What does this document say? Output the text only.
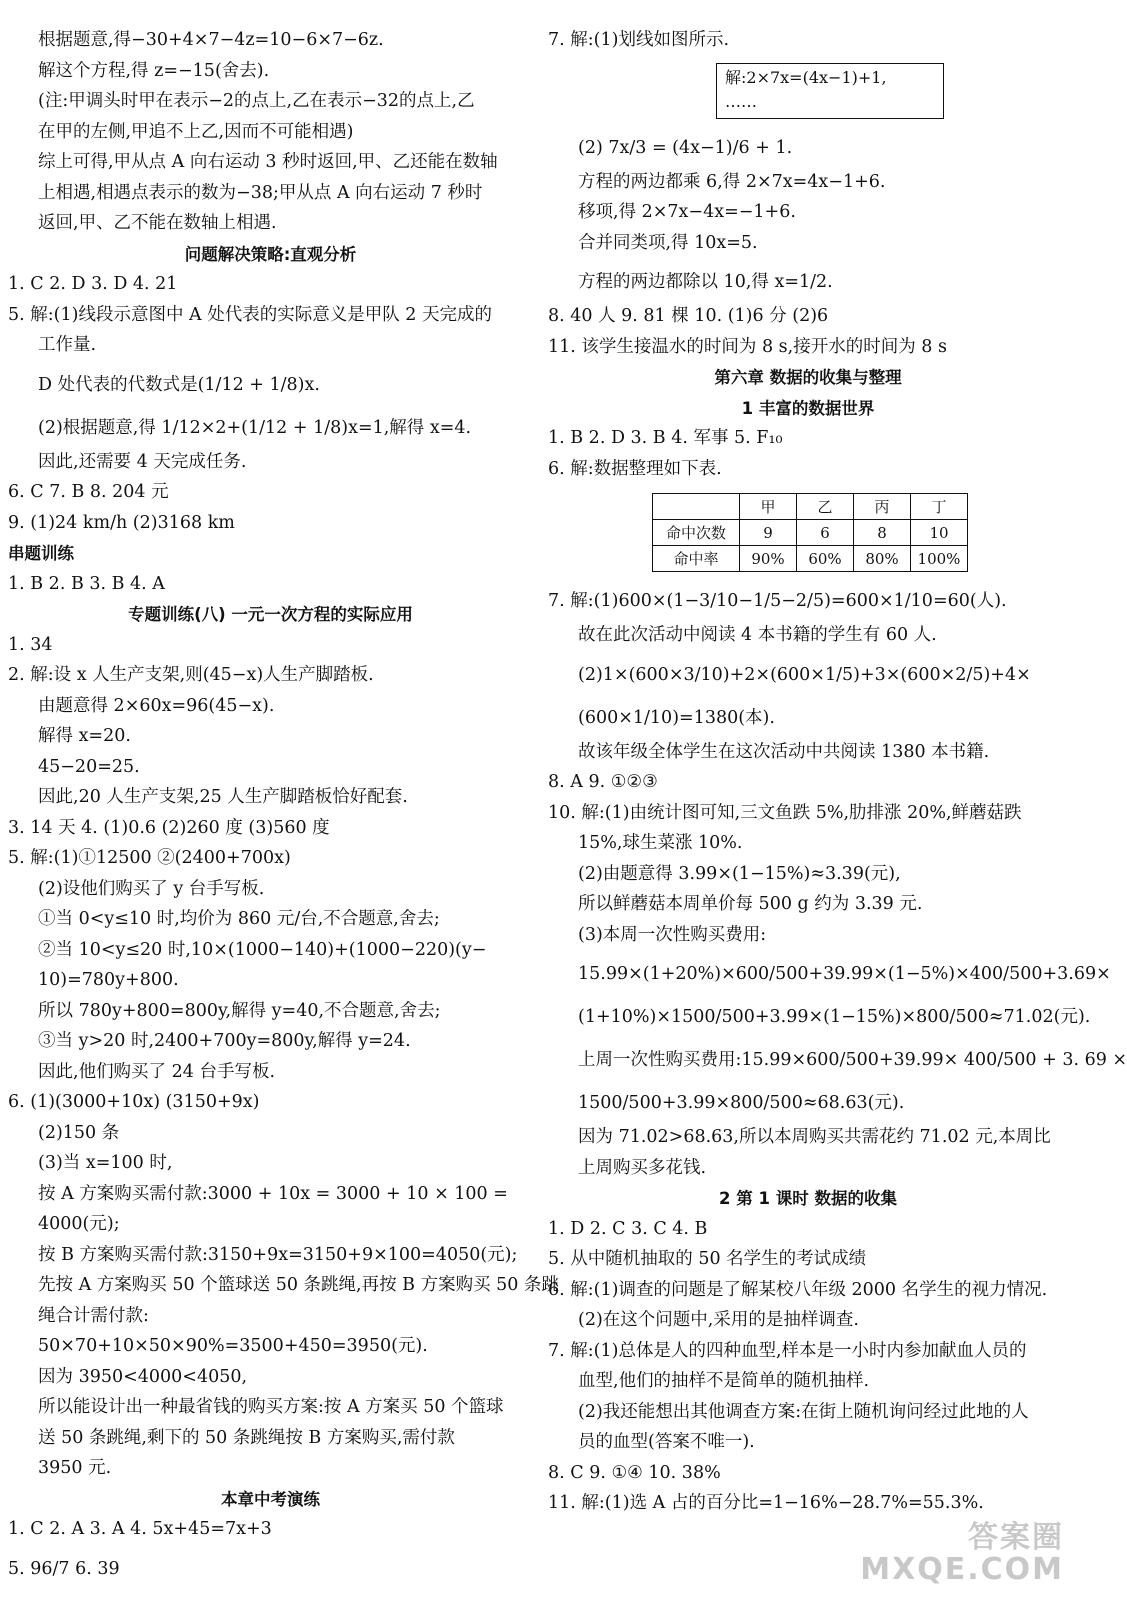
根据题意,得−30+4×7−4z=10−6×7−6z.
解这个方程,得 z=−15(舍去).
(注:甲调头时甲在表示−2的点上,乙在表示−32的点上,乙
在甲的左侧,甲追不上乙,因而不可能相遇)
综上可得,甲从点 A 向右运动 3 秒时返回,甲、乙还能在数轴
上相遇,相遇点表示的数为−38;甲从点 A 向右运动 7 秒时
返回,甲、乙不能在数轴上相遇.
问题解决策略:直观分析
1. C 2. D 3. D 4. 21
5. 解:(1)线段示意图中 A 处代表的实际意义是甲队 2 天完成的
工作量.
D 处代表的代数式是(1/12 + 1/8)x.
(2)根据题意,得 1/12×2+(1/12 + 1/8)x=1,解得 x=4.
因此,还需要 4 天完成任务.
6. C 7. B 8. 204 元
9. (1)24 km/h (2)3168 km
串题训练
1. B 2. B 3. B 4. A
专题训练(八) 一元一次方程的实际应用
1. 34
2. 解:设 x 人生产支架,则(45−x)人生产脚踏板.
由题意得 2×60x=96(45−x).
解得 x=20.
45−20=25.
因此,20 人生产支架,25 人生产脚踏板恰好配套.
3. 14 天 4. (1)0.6 (2)260 度 (3)560 度
5. 解:(1)①12500 ②(2400+700x)
(2)设他们购买了 y 台手写板.
①当 0<y≤10 时,均价为 860 元/台,不合题意,舍去;
②当 10<y≤20 时,10×(1000−140)+(1000−220)(y−
10)=780y+800.
所以 780y+800=800y,解得 y=40,不合题意,舍去;
③当 y>20 时,2400+700y=800y,解得 y=24.
因此,他们购买了 24 台手写板.
6. (1)(3000+10x) (3150+9x)
(2)150 条
(3)当 x=100 时,
按 A 方案购买需付款:3000 + 10x = 3000 + 10 × 100 =
4000(元);
按 B 方案购买需付款:3150+9x=3150+9×100=4050(元);
先按 A 方案购买 50 个篮球送 50 条跳绳,再按 B 方案购买 50 条跳
绳合计需付款:
50×70+10×50×90%=3500+450=3950(元).
因为 3950<4000<4050,
所以能设计出一种最省钱的购买方案:按 A 方案买 50 个篮球
送 50 条跳绳,剩下的 50 条跳绳按 B 方案购买,需付款
3950 元.
本章中考演练
1. C 2. A 3. A 4. 5x+45=7x+3
5. 96/7 6. 39
7. 解:(1)划线如图所示.
解:2×7x=(4x−1)+1,
……
(2) 7x/3 = (4x−1)/6 + 1.
方程的两边都乘 6,得 2×7x=4x−1+6.
移项,得 2×7x−4x=−1+6.
合并同类项,得 10x=5.
方程的两边都除以 10,得 x=1/2.
8. 40 人 9. 81 棵 10. (1)6 分 (2)6
11. 该学生接温水的时间为 8 s,接开水的时间为 8 s
第六章 数据的收集与整理
1 丰富的数据世界
1. B 2. D 3. B 4. 军事 5. F₁₀
6. 解:数据整理如下表.
	甲	乙	丙	丁
命中次数	9	6	8	10
命中率	90%	60%	80%	100%
7. 解:(1)600×(1−3/10−1/5−2/5)=600×1/10=60(人).
故在此次活动中阅读 4 本书籍的学生有 60 人.
(2)1×(600×3/10)+2×(600×1/5)+3×(600×2/5)+4×
(600×1/10)=1380(本).
故该年级全体学生在这次活动中共阅读 1380 本书籍.
8. A 9. ①②③
10. 解:(1)由统计图可知,三文鱼跌 5%,肋排涨 20%,鲜蘑菇跌
15%,球生菜涨 10%.
(2)由题意得 3.99×(1−15%)≈3.39(元),
所以鲜蘑菇本周单价每 500 g 约为 3.39 元.
(3)本周一次性购买费用:
15.99×(1+20%)×600/500+39.99×(1−5%)×400/500+3.69×
(1+10%)×1500/500+3.99×(1−15%)×800/500≈71.02(元).
上周一次性购买费用:15.99×600/500+39.99× 400/500 + 3. 69 ×
1500/500+3.99×800/500≈68.63(元).
因为 71.02>68.63,所以本周购买共需花约 71.02 元,本周比
上周购买多花钱.
2 第 1 课时 数据的收集
1. D 2. C 3. C 4. B
5. 从中随机抽取的 50 名学生的考试成绩
6. 解:(1)调查的问题是了解某校八年级 2000 名学生的视力情况.
(2)在这个问题中,采用的是抽样调查.
7. 解:(1)总体是人的四种血型,样本是一小时内参加献血人员的
血型,他们的抽样不是简单的随机抽样.
(2)我还能想出其他调查方案:在街上随机询问经过此地的人
员的血型(答案不唯一).
8. C 9. ①④ 10. 38%
11. 解:(1)选 A 占的百分比=1−16%−28.7%=55.3%.
答案圈
MXQE.COM
